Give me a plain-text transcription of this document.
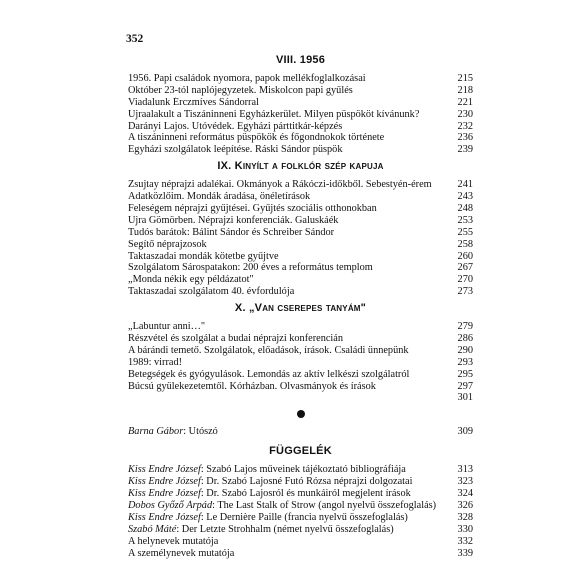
352
VIII. 1956
1956. Papi családok nyomora, papok mellékfoglalkozásai	215
Október 23-tól naplójegyzetek. Miskolcon papi gyűlés	218
Viadalunk Érczmíves Sándorral	221
Újraalakult a Tiszáninneni Egyházkerület. Milyen püspököt kívánunk?	230
Darányi Lajos. Utóvédek. Egyházi párttitkár-képzés	232
A tiszáninneni református püspökök és főgondnokok története	236
Egyházi szolgálatok leépítése. Ráski Sándor püspök	239
IX. Kinyílt a folklór szép kapuja
Zsujtay néprajzi adalékai. Okmányok a Rákóczi-időkből. Sebestyén-érem	241
Adatközlőim. Mondák áradása, önéletírások	243
Feleségem néprajzi gyűjtései. Gyűjtés szociális otthonokban	248
Újra Gömörben. Néprajzi konferenciák. Galuskáék	253
Tudós barátok: Bálint Sándor és Schreiber Sándor	255
Segítő néprajzosok	258
Taktaszadai mondák kötetbe gyűjtve	260
Szolgálatom Sárospatakon: 200 éves a református templom	267
„Monda nékik egy példázatot"	270
Taktaszadai szolgálatom 40. évfordulója	273
X. „Van cserepes tanyám"
„Labuntur anni…"	279
Részvétel és szolgálat a budai néprajzi konferencián	286
A bárándi temető. Szolgálatok, előadások, írások. Családi ünnepünk	290
1989: virrad!	293
Betegségek és gyógyulások. Lemondás az aktív lelkészi szolgálatról	295
Búcsú gyülekezetemtől. Kórházban. Olvasmányok és írások	297
301
Barna Gábor: Utószó	309
FÜGGELÉK
Kiss Endre József: Szabó Lajos műveinek tájékoztató bibliográfiája	313
Kiss Endre József: Dr. Szabó Lajosné Futó Rózsa néprajzi dolgozatai	323
Kiss Endre József: Dr. Szabó Lajosról és munkáiról megjelent írások	324
Dobos Győző Árpád: The Last Stalk of Strow (angol nyelvű összefoglalás)	326
Kiss Endre József: Le Dernière Paille (francia nyelvű összefoglalás)	328
Szabó Máté: Der Letzte Strohhalm (német nyelvű összefoglalás)	330
A helynevek mutatója	332
A személynevek mutatója	339
